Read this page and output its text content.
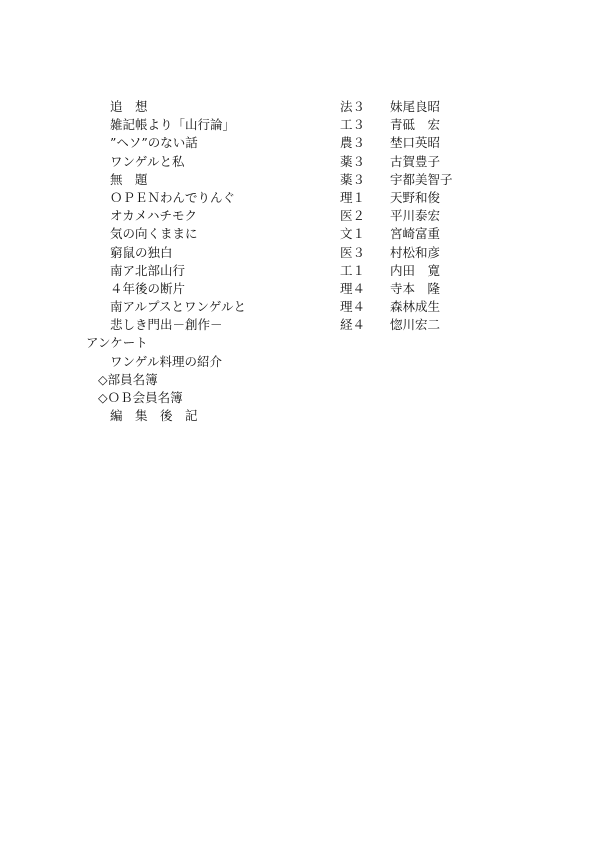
追　想	法３ 妹尾良昭
雑記帳より「山行論」	工３ 青砥　宏
”ヘソ”のない話	農３ 埜口英昭
ワンゲルと私	薬３ 古賀豊子
無　題	薬３ 宇都美智子
ＯＰＥＮわんでりんぐ	理１ 天野和俊
オカメハチモク	医２ 平川泰宏
気の向くままに	文１ 宮崎富重
窮鼠の独白	医３ 村松和彦
南ア北部山行	工１ 内田　寛
４年後の断片	理４ 寺本　隆
南アルプスとワンゲルと	理４ 森林成生
悲しき門出－創作－	経４ 惚川宏二
アンケート
ワンゲル料理の紹介
◇部員名簿
◇ＯＢ会員名簿
編　集　後　記
